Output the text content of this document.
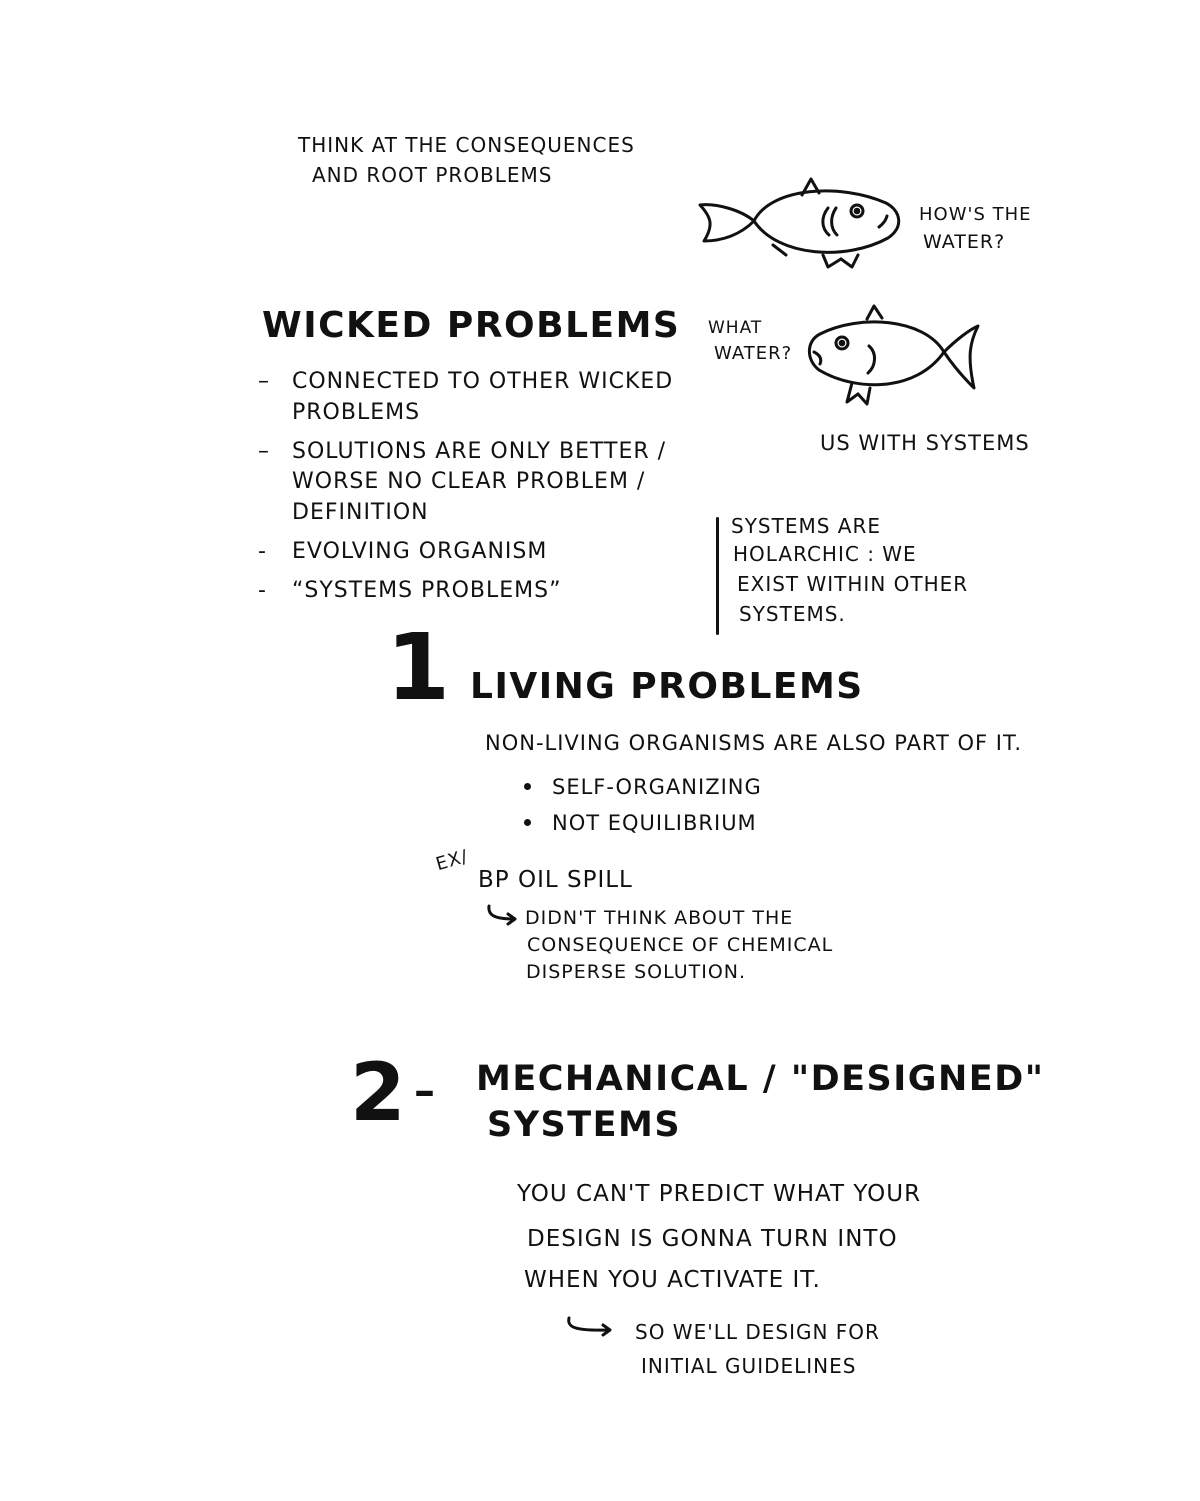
THINK AT THE CONSEQUENCES
AND ROOT PROBLEMS
HOW'S THE
WATER?
WICKED PROBLEMS WHAT
WATER?
US WITH SYSTEMS
–	CONNECTED TO OTHER WICKED PROBLEMS
–	SOLUTIONS ARE ONLY BETTER / WORSE NO CLEAR PROBLEM / DEFINITION
-	EVOLVING ORGANISM
-	“SYSTEMS PROBLEMS”
SYSTEMS ARE
HOLARCHIC : WE
EXIST WITHIN OTHER
SYSTEMS.
1 LIVING PROBLEMS
NON-LIVING ORGANISMS ARE ALSO PART OF IT.
SELF-ORGANIZING
NOT EQUILIBRIUM
EX/
BP OIL SPILL
DIDN'T THINK ABOUT THE
CONSEQUENCE OF CHEMICAL
DISPERSE SOLUTION.
2 – MECHANICAL / "DESIGNED"
SYSTEMS
YOU CAN'T PREDICT WHAT YOUR
DESIGN IS GONNA TURN INTO
WHEN YOU ACTIVATE IT.
SO WE'LL DESIGN FOR
INITIAL GUIDELINES
